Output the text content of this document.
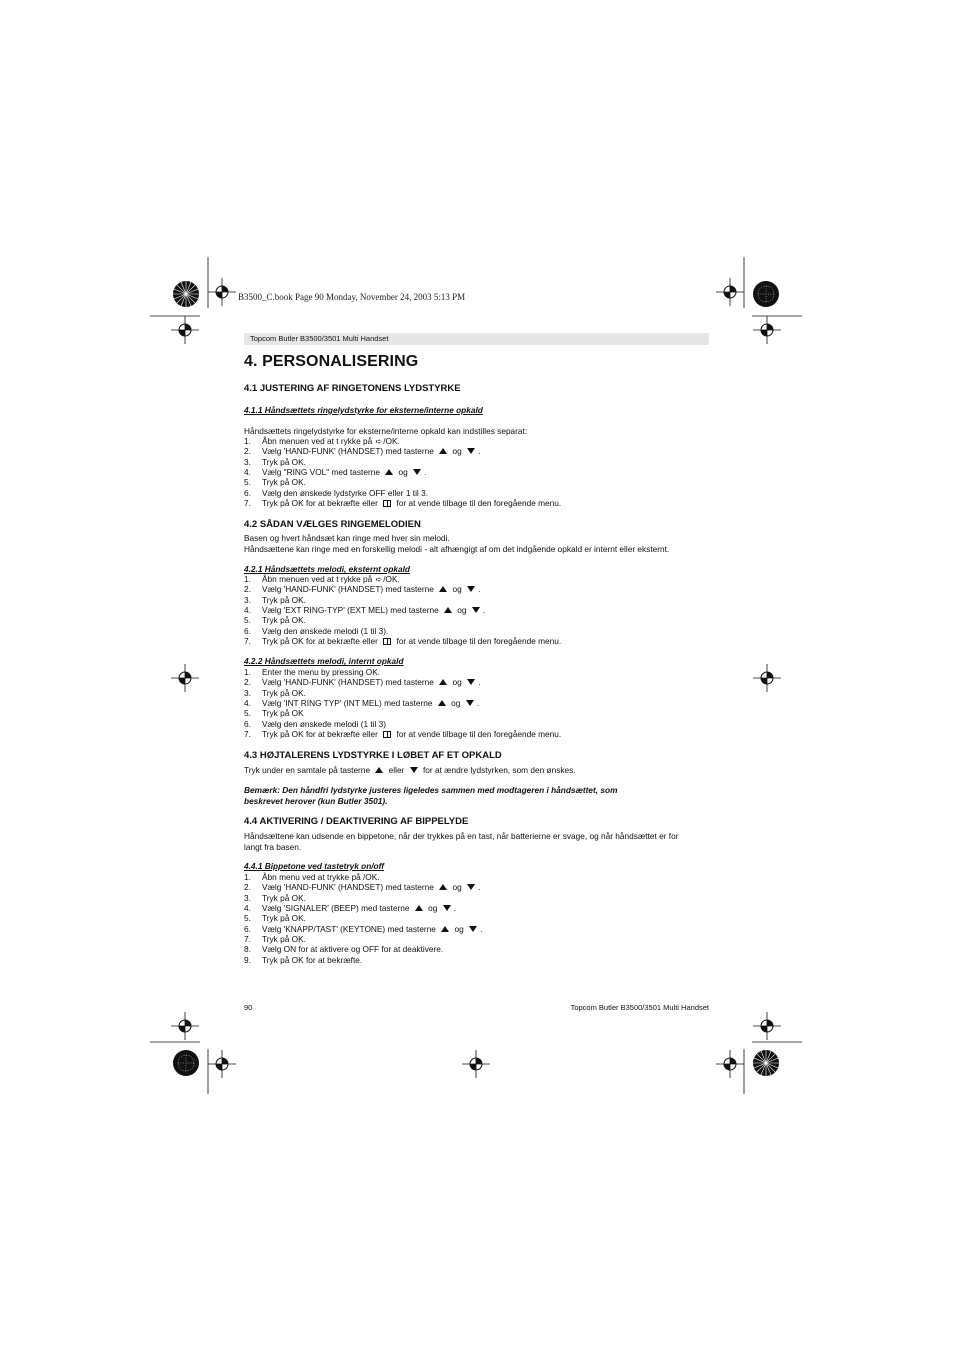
B3500_C.book Page 90 Monday, November 24, 2003 5:13 PM
Topcom Butler B3500/3501 Multi Handset
4. PERSONALISERING
4.1 JUSTERING AF RINGETONENS LYDSTYRKE
4.1.1 Håndsættets ringelydstyrke for eksterne/interne opkald

Håndsættets ringelydstyrke for eksterne/interne opkald kan indstilles separat:

1. Åbn menuen ved at t rykke på ➪/OK.
2. Vælg 'HAND-FUNK' (HANDSET) med tasterne  og .
3. Tryk på OK.
4. Vælg "RING VOL" med tasterne  og .
5. Tryk på OK.
6. Vælg den ønskede lydstyrke OFF eller 1 til 3.
7. Tryk på OK for at bekræfte eller  for at vende tilbage til den foregående menu.
4.2 SÅDAN VÆLGES RINGEMELODIEN

Basen og hvert håndsæt kan ringe med hver sin melodi.

Håndsættene kan ringe med en forskellig melodi - alt afhængigt af om det indgående opkald er internt eller eksternt.

4.2.1 Håndsættets melodi, eksternt opkald
1. Åbn menuen ved at t rykke på ➪/OK.
2. Vælg 'HAND-FUNK' (HANDSET) med tasterne  og .
3. Tryk på OK.
4. Vælg 'EXT RING-TYP' (EXT MEL) med tasterne  og .
5. Tryk på OK.
6. Vælg den ønskede melodi (1 til 3).
7. Tryk på OK for at bekræfte eller  for at vende tilbage til den foregående menu.
4.2.2 Håndsættets melodi, internt opkald
1. Enter the menu by pressing OK.
2. Vælg 'HAND-FUNK' (HANDSET) med tasterne  og .
3. Tryk på OK.
4. Vælg 'INT RING TYP' (INT MEL) med tasterne  og .
5. Tryk på OK
6. Vælg den ønskede melodi (1 til 3)
7. Tryk på OK for at bekræfte eller  for at vende tilbage til den foregående menu.
4.3 HØJTALERENS LYDSTYRKE I LØBET AF ET OPKALD

Tryk under en samtale på tasterne  eller  for at ændre lydstyrken, som den ønskes.

Bemærk: Den håndfri lydstyrke justeres ligeledes sammen med modtageren i håndsættet, som

beskrevet herover (kun Butler 3501).

4.4 AKTIVERING / DEAKTIVERING AF BIPPELYDE

Håndsættene kan udsende en bippetone, når der trykkes på en tast, når batterierne er svage, og når håndsættet er for

langt fra basen.

4.4.1 Bippetone ved tastetryk on/off
1. Åbn menu ved at trykke på /OK.
2. Vælg 'HAND-FUNK' (HANDSET) med tasterne  og .
3. Tryk på OK.
4. Vælg 'SIGNALER' (BEEP) med tasterne  og .
5. Tryk på OK.
6. Vælg 'KNAPP/TAST' (KEYTONE) med tasterne  og .
7. Tryk på OK.
8. Vælg ON for at aktivere og OFF for at deaktivere.
9. Tryk på OK for at bekræfte.
90	Topcom Butler B3500/3501 Multi Handset
